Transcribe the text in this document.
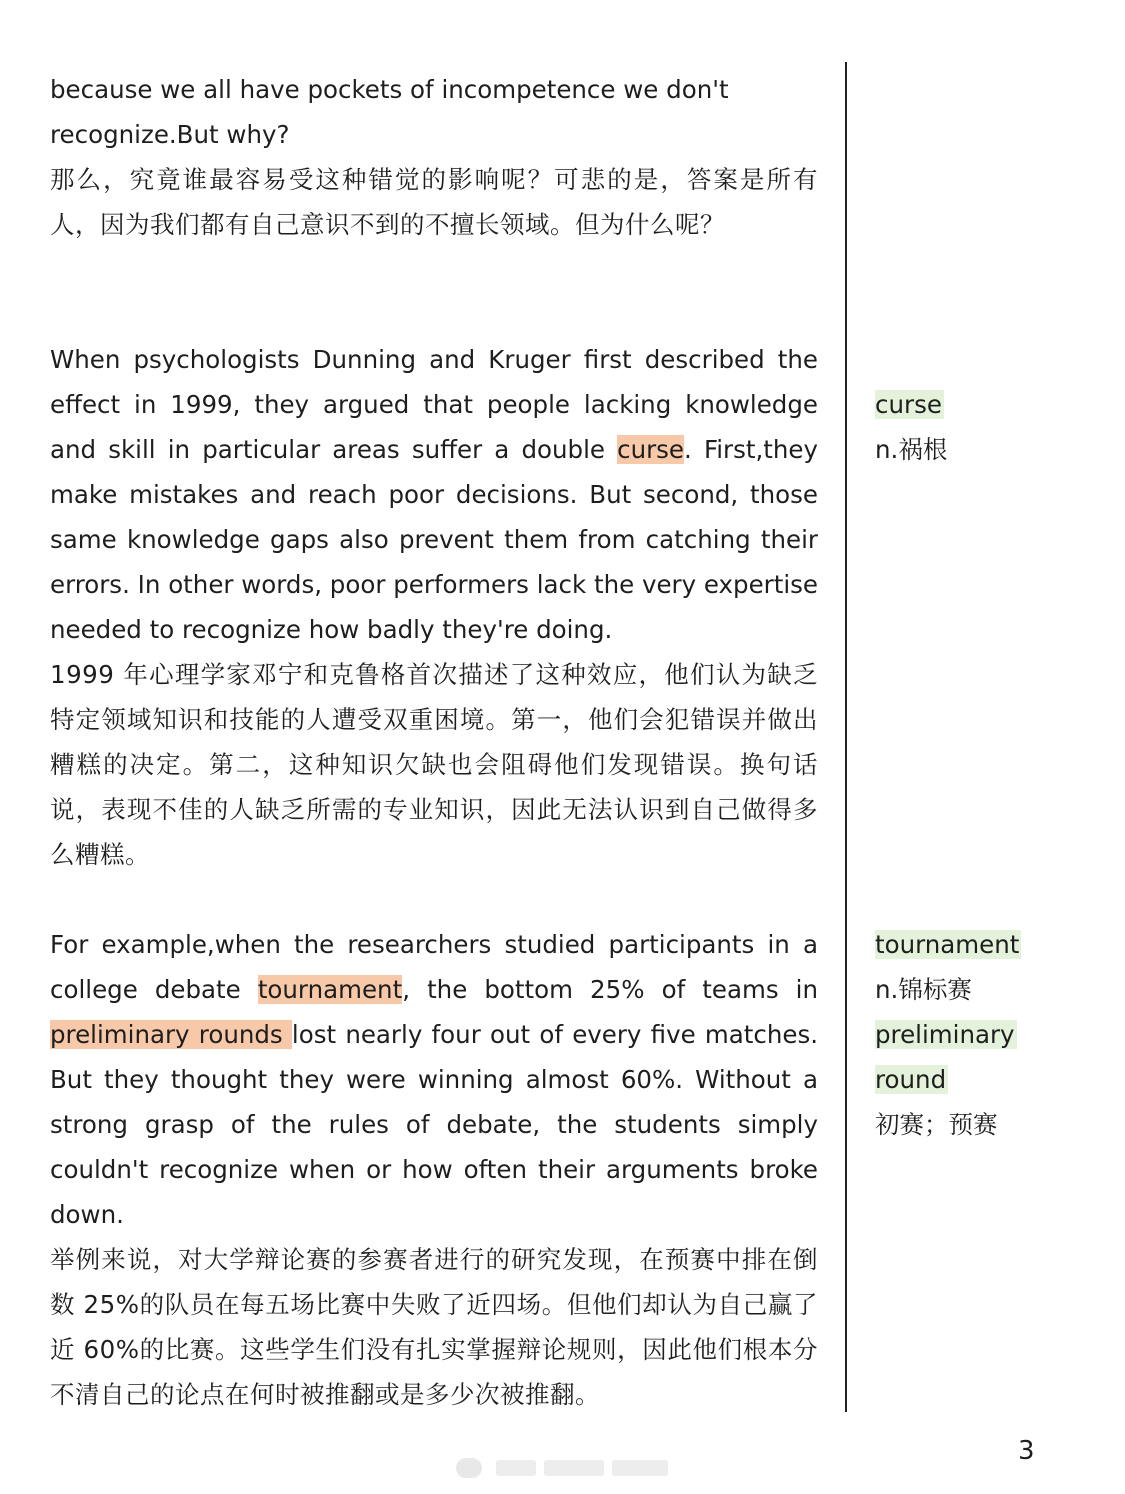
because we all have pockets of incompetence we don't
recognize.But why?

那么，究竟谁最容易受这种错觉的影响呢？可悲的是，答案是所有人，因为我们都有自己意识不到的不擅长领域。但为什么呢？

When psychologists Dunning and Kruger first described the effect in 1999, they argued that people lacking knowledge and skill in particular areas suffer a double curse. First,they make mistakes and reach poor decisions. But second, those same knowledge gaps also prevent them from catching their errors. In other words, poor performers lack the very expertise needed to recognize how badly they're doing.

1999 年心理学家邓宁和克鲁格首次描述了这种效应，他们认为缺乏特定领域知识和技能的人遭受双重困境。第一，他们会犯错误并做出糟糕的决定。第二，这种知识欠缺也会阻碍他们发现错误。换句话说，表现不佳的人缺乏所需的专业知识，因此无法认识到自己做得多么糟糕。

For example,when the researchers studied participants in a college debate tournament, the bottom 25% of teams in preliminary rounds lost nearly four out of every five matches. But they thought they were winning almost 60%. Without a strong grasp of the rules of debate, the students simply couldn't recognize when or how often their arguments broke down.

举例来说，对大学辩论赛的参赛者进行的研究发现，在预赛中排在倒数 25%的队员在每五场比赛中失败了近四场。但他们却认为自己赢了近 60%的比赛。这些学生们没有扎实掌握辩论规则，因此他们根本分不清自己的论点在何时被推翻或是多少次被推翻。

curse
n.祸根
tournament
n.锦标赛
preliminary
round
初赛；预赛
3
